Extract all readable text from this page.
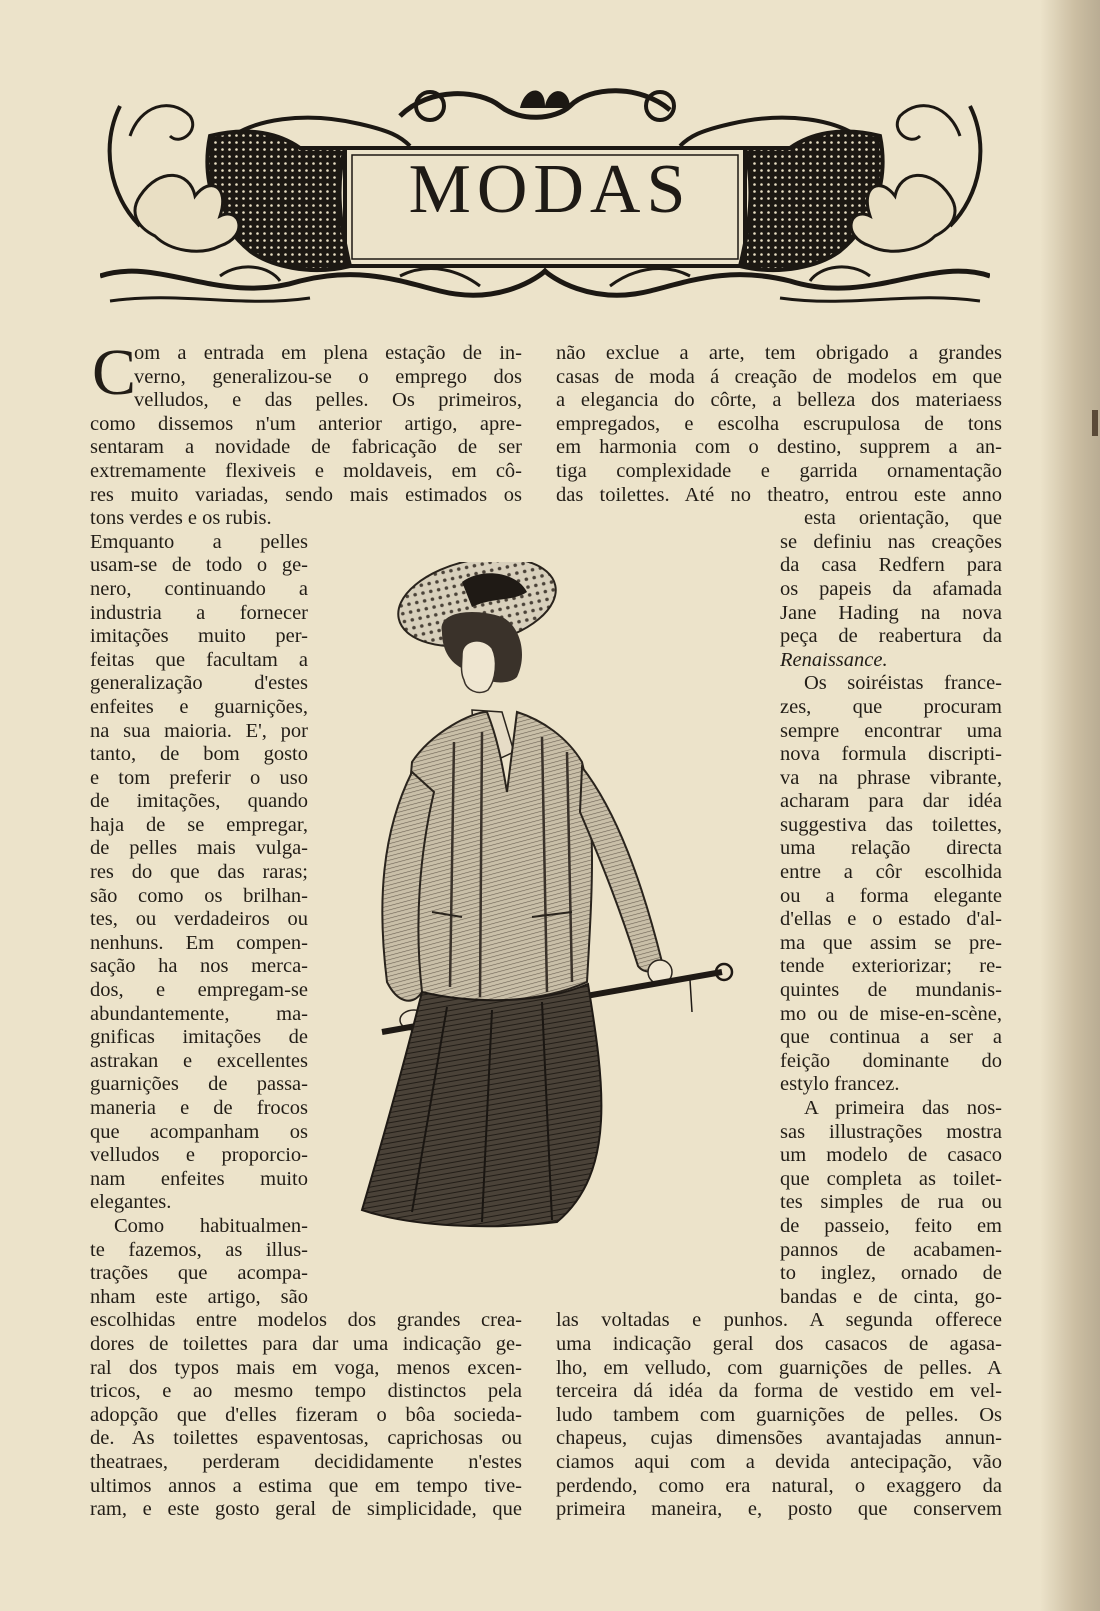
MODAS
C
om a entrada em plena estação de in-
verno, generalizou-se o emprego dos
velludos, e das pelles. Os primeiros,
como dissemos n'um anterior artigo, apre-
sentaram a novidade de fabricação de ser
extremamente flexiveis e moldaveis, em cô-
res muito variadas, sendo mais estimados os
tons verdes e os rubis.
Emquanto a pelles
usam-se de todo o ge-
nero, continuando a
industria a fornecer
imitações muito per-
feitas que facultam a
generalização d'estes
enfeites e guarnições,
na sua maioria. E', por
tanto, de bom gosto
e tom preferir o uso
de imitações, quando
haja de se empregar,
de pelles mais vulga-
res do que das raras;
são como os brilhan-
tes, ou verdadeiros ou
nenhuns. Em compen-
sação ha nos merca-
dos, e empregam-se
abundantemente, ma-
gnificas imitações de
astrakan e excellentes
guarnições de passa-
maneria e de frocos
que acompanham os
velludos e proporcio-
nam enfeites muito
elegantes.
Como habitualmen-
te fazemos, as illus-
trações que acompa-
nham este artigo, são
escolhidas entre modelos dos grandes crea-
dores de toilettes para dar uma indicação ge-
ral dos typos mais em voga, menos excen-
tricos, e ao mesmo tempo distinctos pela
adopção que d'elles fizeram o bôa socieda-
de. As toilettes espaventosas, caprichosas ou
theatraes, perderam decididamente n'estes
ultimos annos a estima que em tempo tive-
ram, e este gosto geral de simplicidade, que
não exclue a arte, tem obrigado a grandes
casas de moda á creação de modelos em que
a elegancia do côrte, a belleza dos materiaess
empregados, e escolha escrupulosa de tons
em harmonia com o destino, supprem a an-
tiga complexidade e garrida ornamentação
das toilettes. Até no theatro, entrou este anno
esta orientação, que
se definiu nas creações
da casa Redfern para
os papeis da afamada
Jane Hading na nova
peça de reabertura da
Renaissance.
Os soiréistas france-
zes, que procuram
sempre encontrar uma
nova formula discripti-
va na phrase vibrante,
acharam para dar idéa
suggestiva das toilettes,
uma relação directa
entre a côr escolhida
ou a forma elegante
d'ellas e o estado d'al-
ma que assim se pre-
tende exteriorizar; re-
quintes de mundanis-
mo ou de mise-en-scène,
que continua a ser a
feição dominante do
estylo francez.
A primeira das nos-
sas illustrações mostra
um modelo de casaco
que completa as toilet-
tes simples de rua ou
de passeio, feito em
pannos de acabamen-
to inglez, ornado de
bandas e de cinta, go-
las voltadas e punhos. A segunda offerece
uma indicação geral dos casacos de agasa-
lho, em velludo, com guarnições de pelles. A
terceira dá idéa da forma de vestido em vel-
ludo tambem com guarnições de pelles. Os
chapeus, cujas dimensões avantajadas annun-
ciamos aqui com a devida antecipação, vão
perdendo, como era natural, o exaggero da
primeira maneira, e, posto que conservem
